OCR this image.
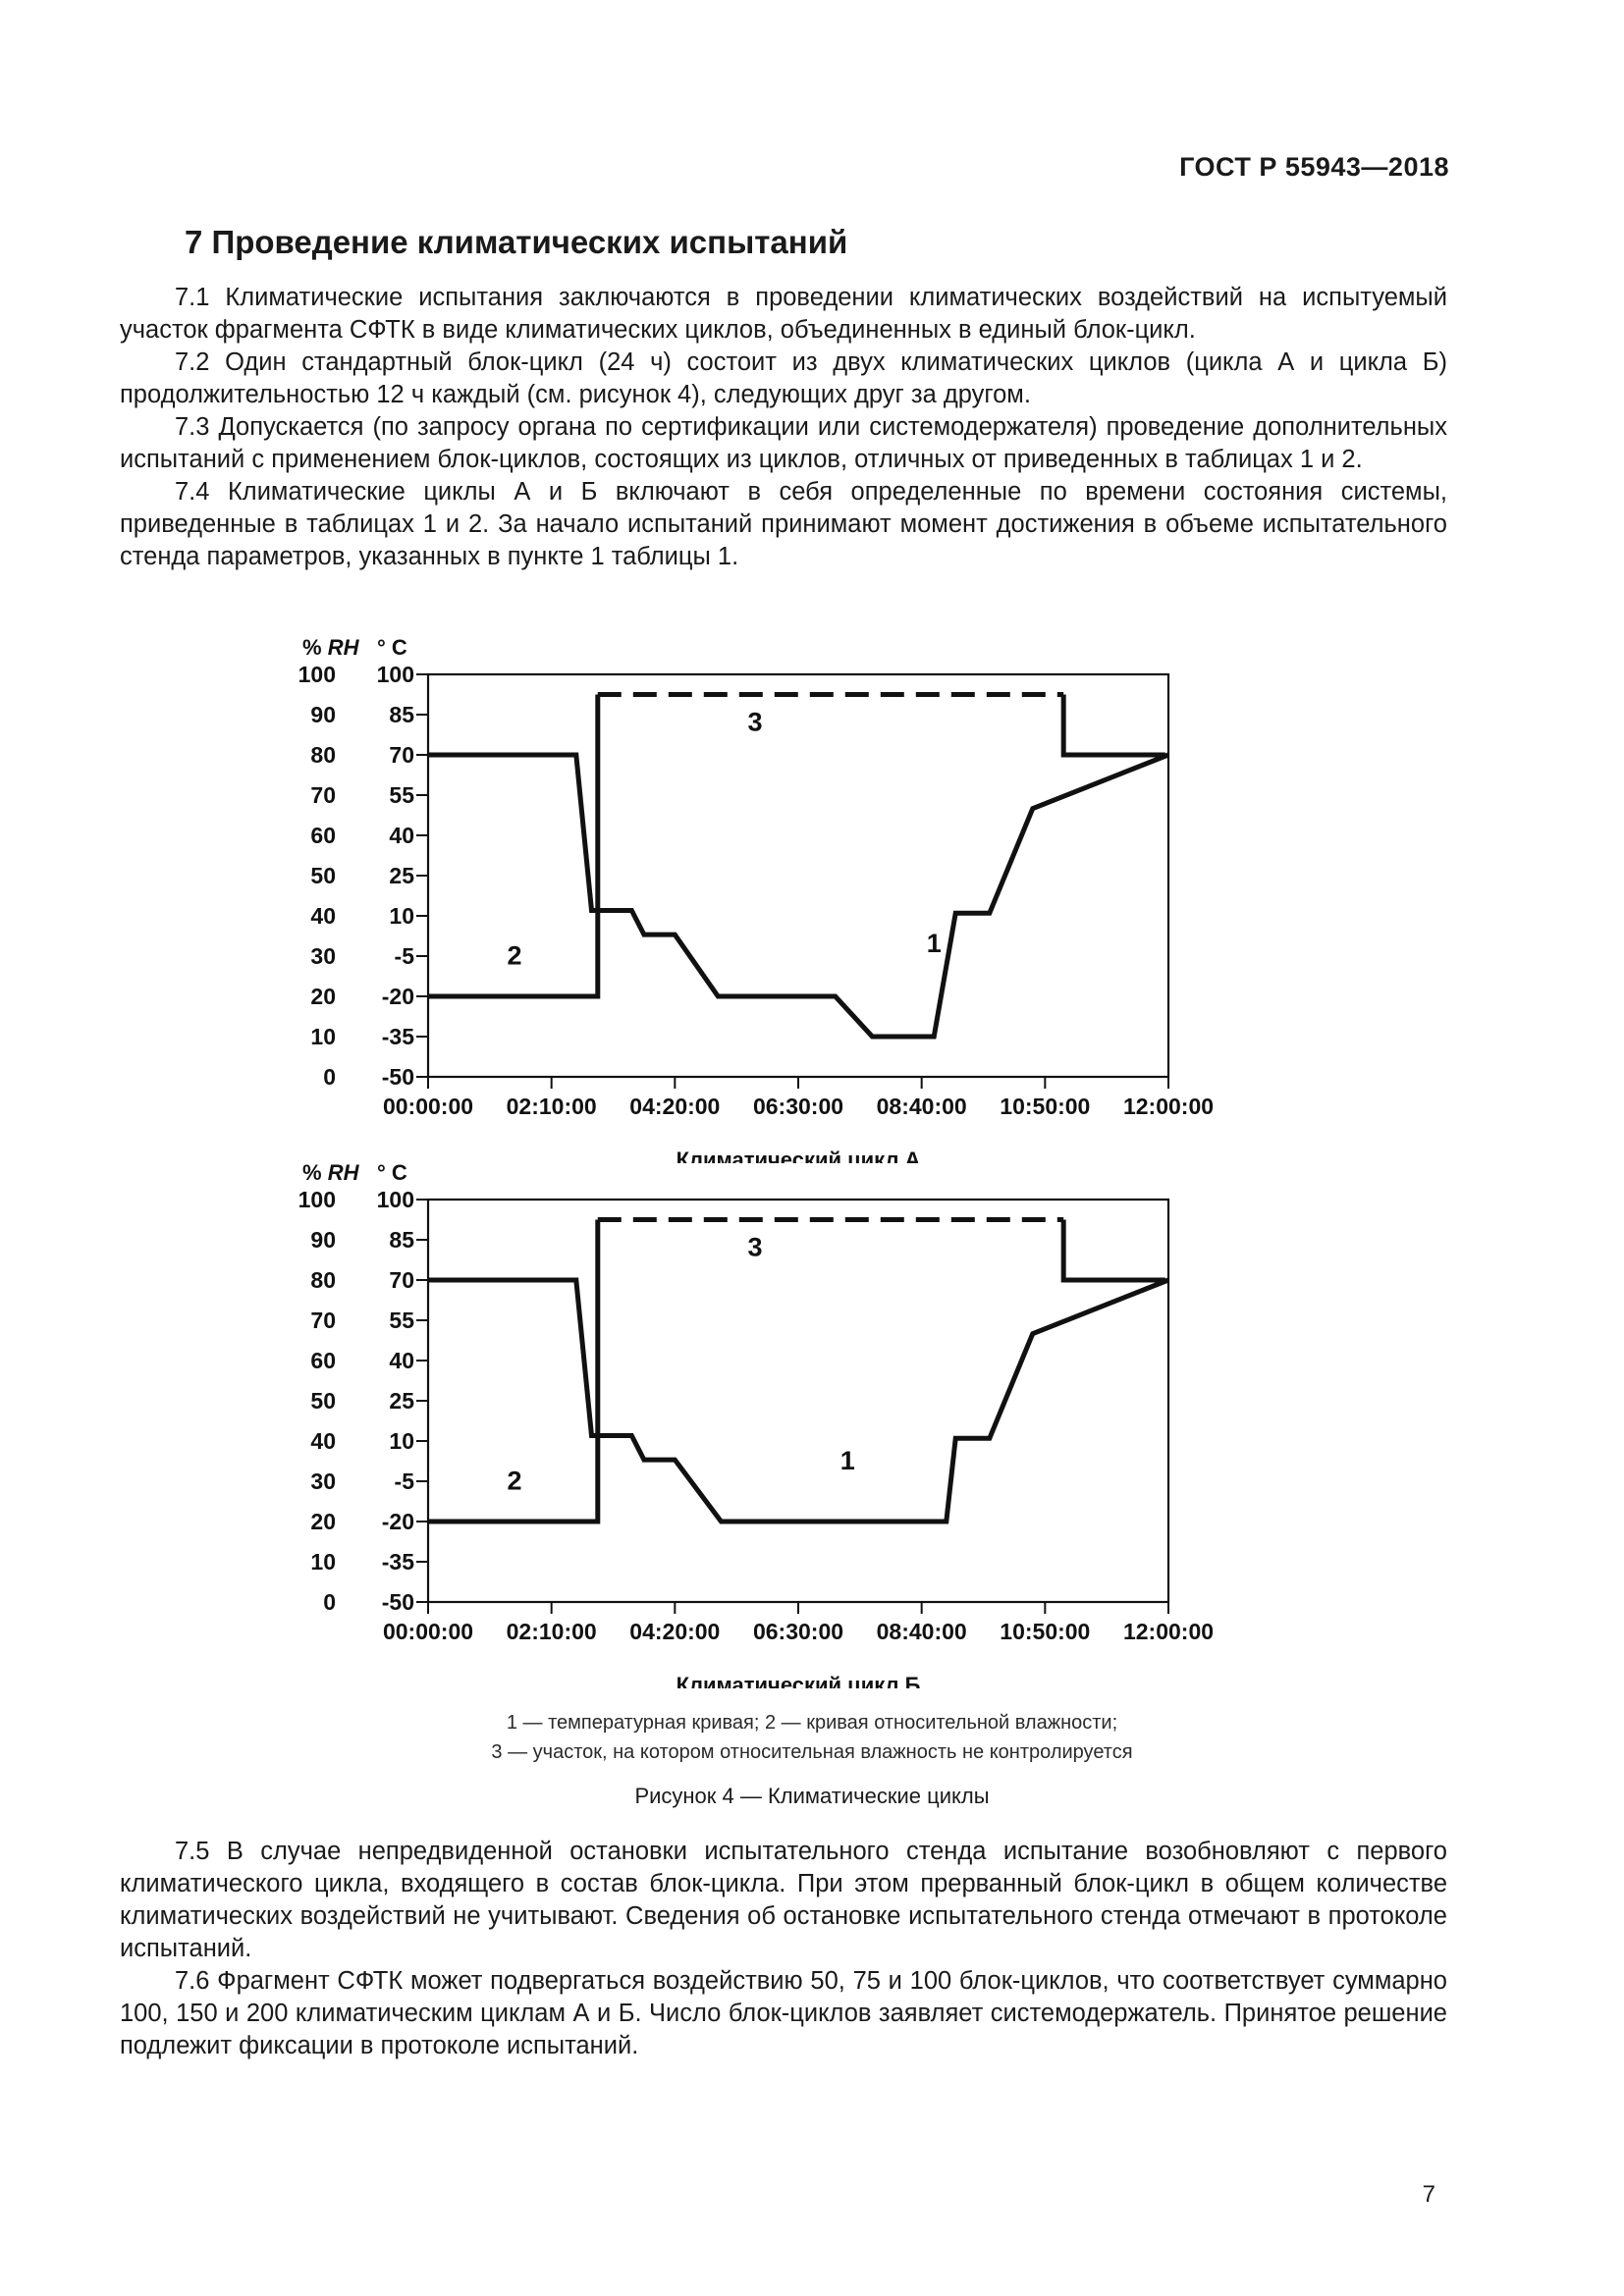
ГОСТ Р 55943—2018
7 Проведение климатических испытаний

7.1 Климатические испытания заключаются в проведении климатических воздействий на испытуемый участок фрагмента СФТК в виде климатических циклов, объединенных в единый блок-цикл.

7.2 Один стандартный блок-цикл (24 ч) состоит из двух климатических циклов (цикла А и цикла Б) продолжительностью 12 ч каждый (см. рисунок 4), следующих друг за другом.

7.3 Допускается (по запросу органа по сертификации или системодержателя) проведение дополнительных испытаний с применением блок-циклов, состоящих из циклов, отличных от приведенных в таблицах 1 и 2.

7.4 Климатические циклы А и Б включают в себя определенные по времени состояния системы, приведенные в таблицах 1 и 2. За начало испытаний принимают момент достижения в объеме испытательного стенда параметров, указанных в пункте 1 таблицы 1.

% RH ° C
100 100
90 85
80 70
70 55
60 40
50 25
40 10
30	-5
20 -20
10 -35
0 -50
00:00:00 02:10:00 04:20:00 06:30:00 08:40:00 10:50:00 12:00:00
Климатический цикл А
1
2
3
% RH ° C
100 100
90 85
80 70
70 55
60 40
50 25
40 10
30	-5
20 -20
10 -35
0 -50
00:00:00 02:10:00 04:20:00 06:30:00 08:40:00 10:50:00 12:00:00
Климатический цикл Б
1
2
3
1 — температурная кривая; 2 — кривая относительной влажности;
3 — участок, на котором относительная влажность не контролируется
Рисунок 4 — Климатические циклы

7.5 В случае непредвиденной остановки испытательного стенда испытание возобновляют с первого климатического цикла, входящего в состав блок-цикла. При этом прерванный блок-цикл в общем количестве климатических воздействий не учитывают. Сведения об остановке испытательного стенда отмечают в протоколе испытаний.

7.6 Фрагмент СФТК может подвергаться воздействию 50, 75 и 100 блок-циклов, что соответствует суммарно 100, 150 и 200 климатическим циклам А и Б. Число блок-циклов заявляет системодержатель. Принятое решение подлежит фиксации в протоколе испытаний.

7
